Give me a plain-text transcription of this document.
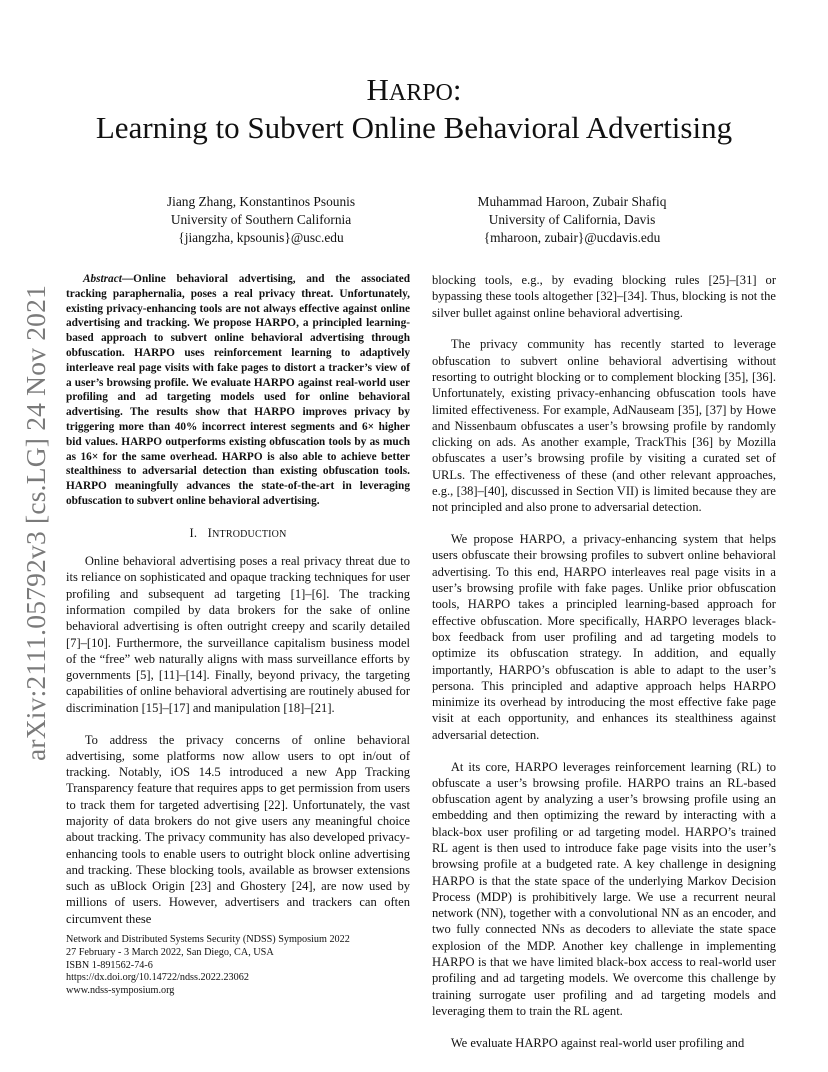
arXiv:2111.05792v3 [cs.LG] 24 Nov 2021
HARPO:
Learning to Subvert Online Behavioral Advertising
Jiang Zhang, Konstantinos Psounis
University of Southern California
{jiangzha, kpsounis}@usc.edu
Muhammad Haroon, Zubair Shafiq
University of California, Davis
{mharoon, zubair}@ucdavis.edu

Abstract—Online behavioral advertising, and the associated tracking paraphernalia, poses a real privacy threat. Unfortunately, existing privacy-enhancing tools are not always effective against online advertising and tracking. We propose HARPO, a principled learning-based approach to subvert online behavioral advertising through obfuscation. HARPO uses reinforcement learning to adaptively interleave real page visits with fake pages to distort a tracker’s view of a user’s browsing profile. We evaluate HARPO against real-world user profiling and ad targeting models used for online behavioral advertising. The results show that HARPO improves privacy by triggering more than 40% incorrect interest segments and 6× higher bid values. HARPO outperforms existing obfuscation tools by as much as 16× for the same overhead. HARPO is also able to achieve better stealthiness to adversarial detection than existing obfuscation tools. HARPO meaningfully advances the state-of-the-art in leveraging obfuscation to subvert online behavioral advertising.

I. INTRODUCTION

Online behavioral advertising poses a real privacy threat due to its reliance on sophisticated and opaque tracking techniques for user profiling and subsequent ad targeting [1]–[6]. The tracking information compiled by data brokers for the sake of online behavioral advertising is often outright creepy and scarily detailed [7]–[10]. Furthermore, the surveillance capitalism business model of the “free” web naturally aligns with mass surveillance efforts by governments [5], [11]–[14]. Finally, beyond privacy, the targeting capabilities of online behavioral advertising are routinely abused for discrimination [15]–[17] and manipulation [18]–[21].

To address the privacy concerns of online behavioral advertising, some platforms now allow users to opt in/out of tracking. Notably, iOS 14.5 introduced a new App Tracking Transparency feature that requires apps to get permission from users to track them for targeted advertising [22]. Unfortunately, the vast majority of data brokers do not give users any meaningful choice about tracking. The privacy community has also developed privacy-enhancing tools to enable users to outright block online advertising and tracking. These blocking tools, available as browser extensions such as uBlock Origin [23] and Ghostery [24], are now used by millions of users. However, advertisers and trackers can often circumvent these

blocking tools, e.g., by evading blocking rules [25]–[31] or bypassing these tools altogether [32]–[34]. Thus, blocking is not the silver bullet against online behavioral advertising.

The privacy community has recently started to leverage obfuscation to subvert online behavioral advertising without resorting to outright blocking or to complement blocking [35], [36]. Unfortunately, existing privacy-enhancing obfuscation tools have limited effectiveness. For example, AdNauseam [35], [37] by Howe and Nissenbaum obfuscates a user’s browsing profile by randomly clicking on ads. As another example, TrackThis [36] by Mozilla obfuscates a user’s browsing profile by visiting a curated set of URLs. The effectiveness of these (and other relevant approaches, e.g., [38]–[40], discussed in Section VII) is limited because they are not principled and also prone to adversarial detection.

We propose HARPO, a privacy-enhancing system that helps users obfuscate their browsing profiles to subvert online behavioral advertising. To this end, HARPO interleaves real page visits in a user’s browsing profile with fake pages. Unlike prior obfuscation tools, HARPO takes a principled learning-based approach for effective obfuscation. More specifically, HARPO leverages black-box feedback from user profiling and ad targeting models to optimize its obfuscation strategy. In addition, and equally importantly, HARPO’s obfuscation is able to adapt to the user’s persona. This principled and adaptive approach helps HARPO minimize its overhead by introducing the most effective fake page visit at each opportunity, and enhances its stealthiness against adversarial detection.

At its core, HARPO leverages reinforcement learning (RL) to obfuscate a user’s browsing profile. HARPO trains an RL-based obfuscation agent by analyzing a user’s browsing profile using an embedding and then optimizing the reward by interacting with a black-box user profiling or ad targeting model. HARPO’s trained RL agent is then used to introduce fake page visits into the user’s browsing profile at a budgeted rate. A key challenge in designing HARPO is that the state space of the underlying Markov Decision Process (MDP) is prohibitively large. We use a recurrent neural network (NN), together with a convolutional NN as an encoder, and two fully connected NNs as decoders to alleviate the state space explosion of the MDP. Another key challenge in implementing HARPO is that we have limited black-box access to real-world user profiling and ad targeting models. We overcome this challenge by training surrogate user profiling and ad targeting models and leveraging them to train the RL agent.

We evaluate HARPO against real-world user profiling and

Network and Distributed Systems Security (NDSS) Symposium 2022
27 February - 3 March 2022, San Diego, CA, USA
ISBN 1-891562-74-6
https://dx.doi.org/10.14722/ndss.2022.23062
www.ndss-symposium.org
